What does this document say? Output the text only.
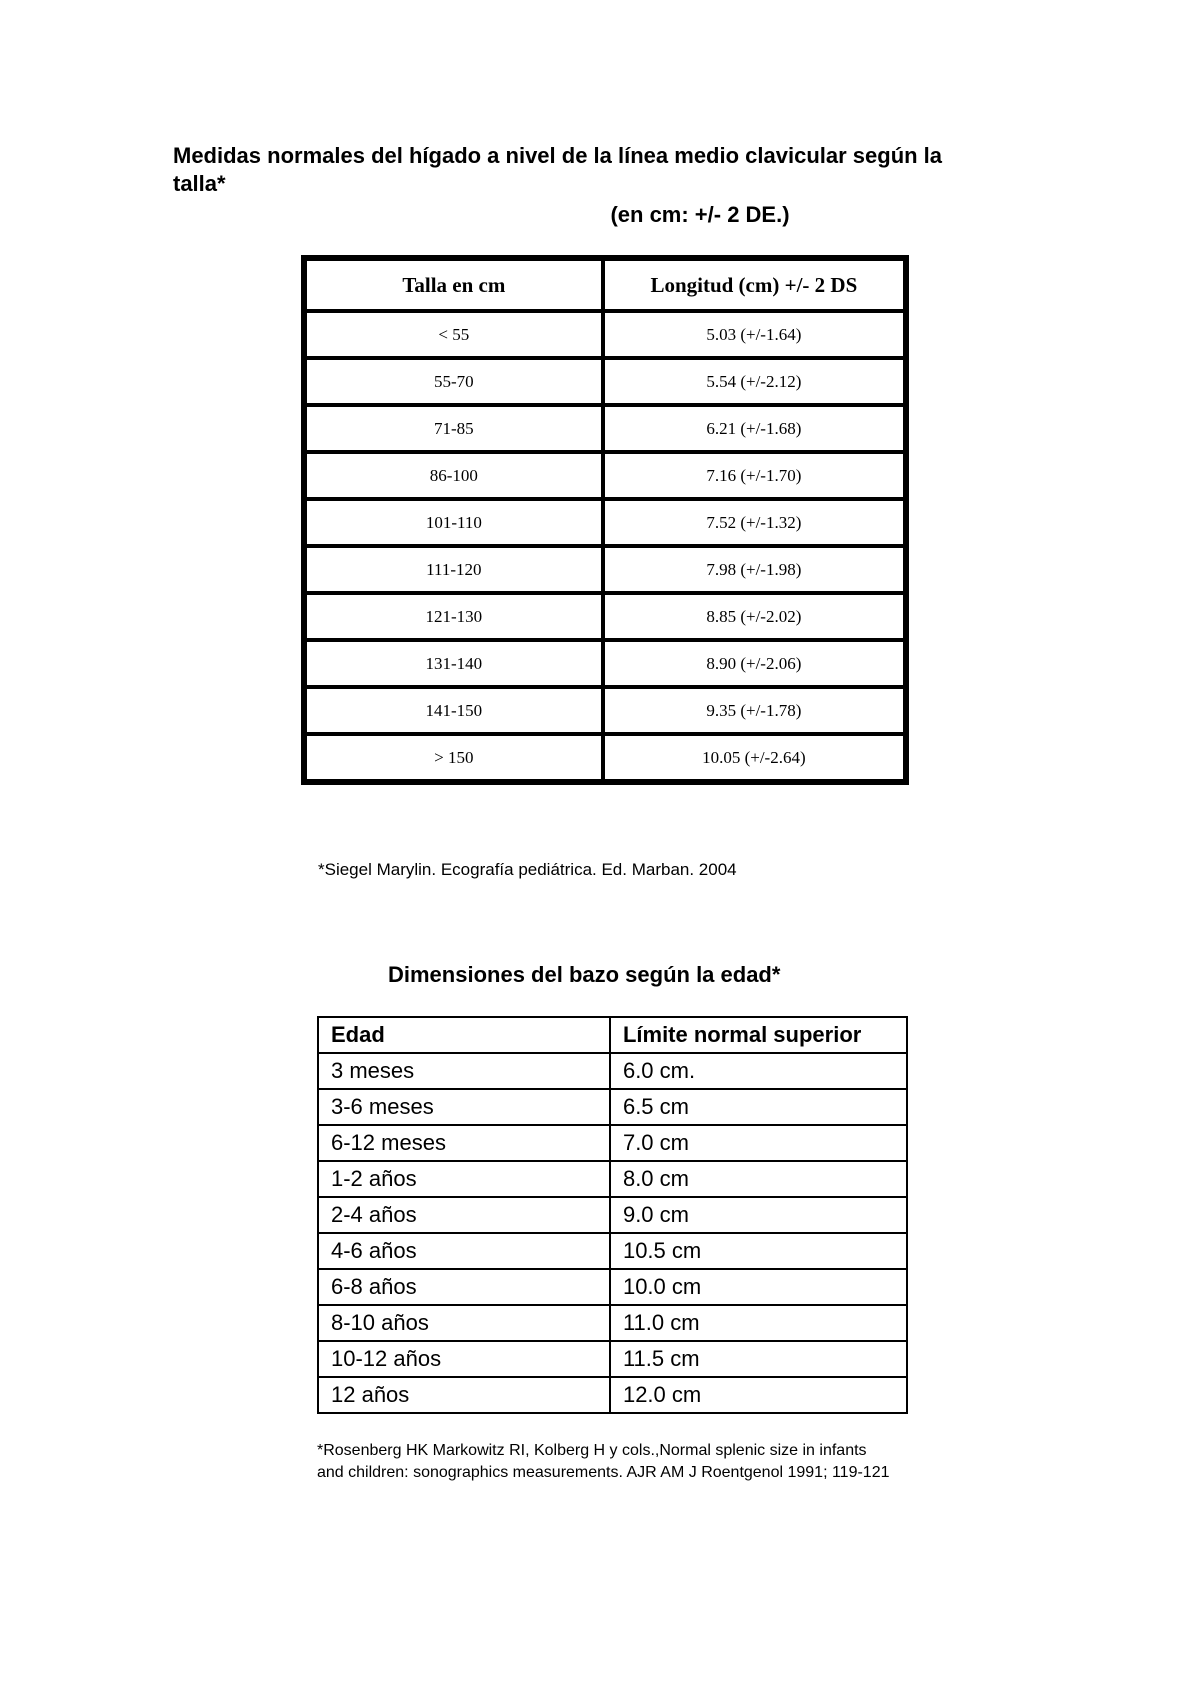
Medidas normales del hígado a nivel de la línea medio clavicular según la talla*
(en cm: +/- 2 DE.)
Talla en cm	Longitud (cm) +/- 2 DS
< 55	5.03 (+/-1.64)
55-70	5.54 (+/-2.12)
71-85	6.21 (+/-1.68)
86-100	7.16 (+/-1.70)
101-110	7.52 (+/-1.32)
111-120	7.98 (+/-1.98)
121-130	8.85 (+/-2.02)
131-140	8.90 (+/-2.06)
141-150	9.35 (+/-1.78)
> 150	10.05 (+/-2.64)
*Siegel Marylin. Ecografía pediátrica. Ed. Marban. 2004
Dimensiones del bazo según la edad*
Edad	Límite normal superior
3 meses	6.0 cm.
3-6 meses	6.5 cm
6-12 meses	7.0 cm
1-2 años	8.0 cm
2-4 años	9.0 cm
4-6 años	10.5 cm
6-8 años	10.0 cm
8-10 años	11.0 cm
10-12 años	11.5 cm
12 años	12.0 cm
*Rosenberg HK Markowitz RI, Kolberg H y cols.,Normal splenic size in infants
and children: sonographics measurements. AJR AM J Roentgenol 1991; 119-121
